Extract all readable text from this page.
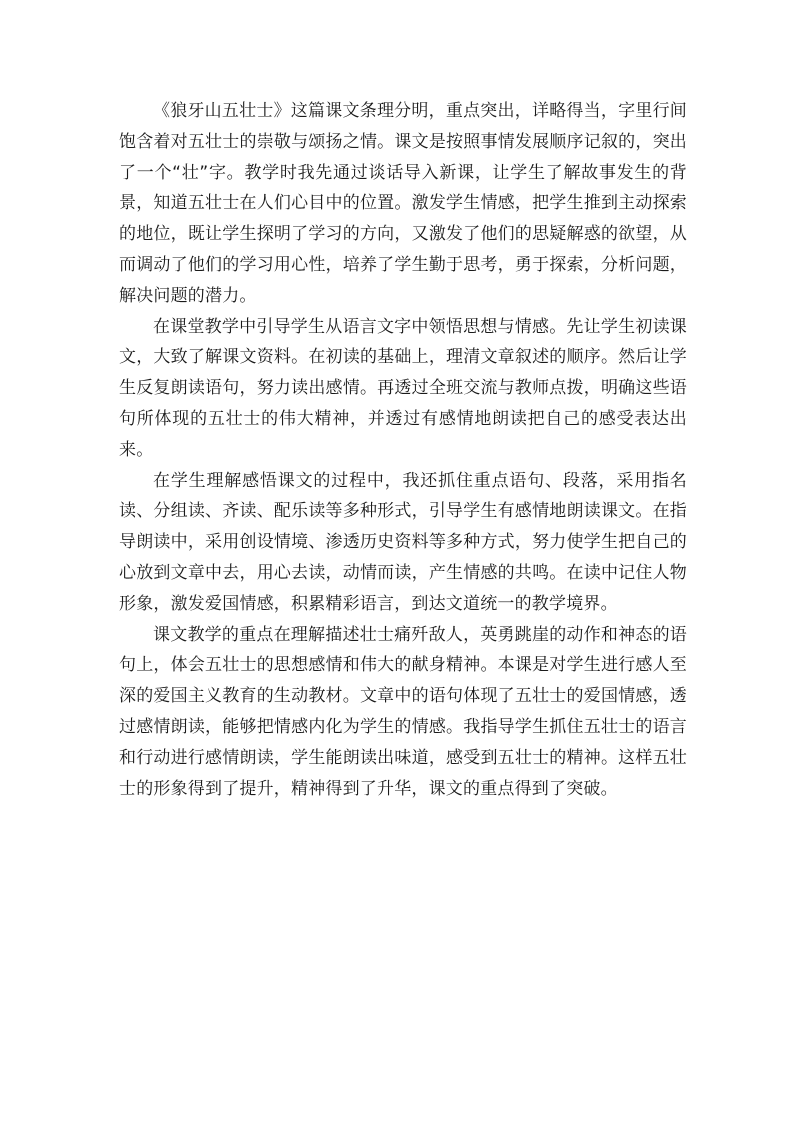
《狼牙山五壮士》这篇课文条理分明，重点突出，详略得当，字里行间饱含着对五壮士的崇敬与颂扬之情。课文是按照事情发展顺序记叙的，突出了一个“壮”字。教学时我先通过谈话导入新课，让学生了解故事发生的背景，知道五壮士在人们心目中的位置。激发学生情感，把学生推到主动探索的地位，既让学生探明了学习的方向，又激发了他们的思疑解惑的欲望，从而调动了他们的学习用心性，培养了学生勤于思考，勇于探索，分析问题，解决问题的潜力。

在课堂教学中引导学生从语言文字中领悟思想与情感。先让学生初读课文，大致了解课文资料。在初读的基础上，理清文章叙述的顺序。然后让学生反复朗读语句，努力读出感情。再透过全班交流与教师点拨，明确这些语句所体现的五壮士的伟大精神，并透过有感情地朗读把自己的感受表达出来。

在学生理解感悟课文的过程中，我还抓住重点语句、段落，采用指名读、分组读、齐读、配乐读等多种形式，引导学生有感情地朗读课文。在指导朗读中，采用创设情境、渗透历史资料等多种方式，努力使学生把自己的心放到文章中去，用心去读，动情而读，产生情感的共鸣。在读中记住人物形象，激发爱国情感，积累精彩语言，到达文道统一的教学境界。

课文教学的重点在理解描述壮士痛歼敌人，英勇跳崖的动作和神态的语句上，体会五壮士的思想感情和伟大的献身精神。本课是对学生进行感人至深的爱国主义教育的生动教材。文章中的语句体现了五壮士的爱国情感，透过感情朗读，能够把情感内化为学生的情感。我指导学生抓住五壮士的语言和行动进行感情朗读，学生能朗读出味道，感受到五壮士的精神。这样五壮士的形象得到了提升，精神得到了升华，课文的重点得到了突破。
